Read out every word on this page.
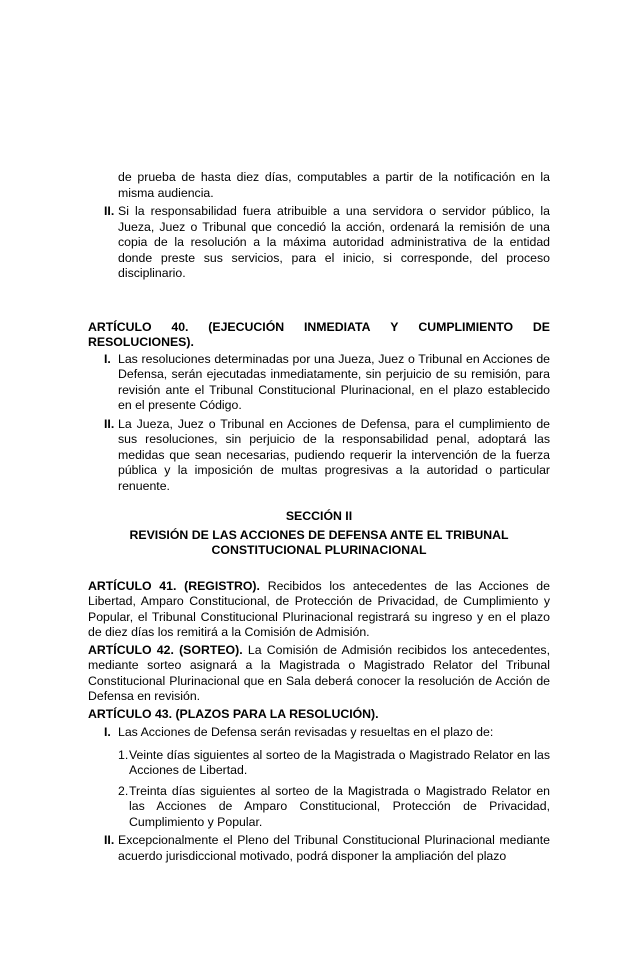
de prueba de hasta diez días, computables a partir de la notificación en la misma audiencia.

II. Si la responsabilidad fuera atribuible a una servidora o servidor público, la Jueza, Juez o Tribunal que concedió la acción, ordenará la remisión de una copia de la resolución a la máxima autoridad administrativa de la entidad donde preste sus servicios, para el inicio, si corresponde, del proceso disciplinario.
ARTÍCULO 40. (EJECUCIÓN INMEDIATA Y CUMPLIMIENTO DE

RESOLUCIONES).

I. Las resoluciones determinadas por una Jueza, Juez o Tribunal en Acciones de Defensa, serán ejecutadas inmediatamente, sin perjuicio de su remisión, para revisión ante el Tribunal Constitucional Plurinacional, en el plazo establecido en el presente Código.
II. La Jueza, Juez o Tribunal en Acciones de Defensa, para el cumplimiento de sus resoluciones, sin perjuicio de la responsabilidad penal, adoptará las medidas que sean necesarias, pudiendo requerir la intervención de la fuerza pública y la imposición de multas progresivas a la autoridad o particular renuente.

SECCIÓN II

REVISIÓN DE LAS ACCIONES DE DEFENSA ANTE EL TRIBUNAL

CONSTITUCIONAL PLURINACIONAL

ARTÍCULO 41. (REGISTRO). Recibidos los antecedentes de las Acciones de Libertad, Amparo Constitucional, de Protección de Privacidad, de Cumplimiento y Popular, el Tribunal Constitucional Plurinacional registrará su ingreso y en el plazo de diez días los remitirá a la Comisión de Admisión.

ARTÍCULO 42. (SORTEO). La Comisión de Admisión recibidos los antecedentes, mediante sorteo asignará a la Magistrada o Magistrado Relator del Tribunal Constitucional Plurinacional que en Sala deberá conocer la resolución de Acción de Defensa en revisión.

ARTÍCULO 43. (PLAZOS PARA LA RESOLUCIÓN).

I. Las Acciones de Defensa serán revisadas y resueltas en el plazo de:
1. Veinte días siguientes al sorteo de la Magistrada o Magistrado Relator en las Acciones de Libertad.
2. Treinta días siguientes al sorteo de la Magistrada o Magistrado Relator en las Acciones de Amparo Constitucional, Protección de Privacidad, Cumplimiento y Popular.
II. Excepcionalmente el Pleno del Tribunal Constitucional Plurinacional mediante acuerdo jurisdiccional motivado, podrá disponer la ampliación del plazo
